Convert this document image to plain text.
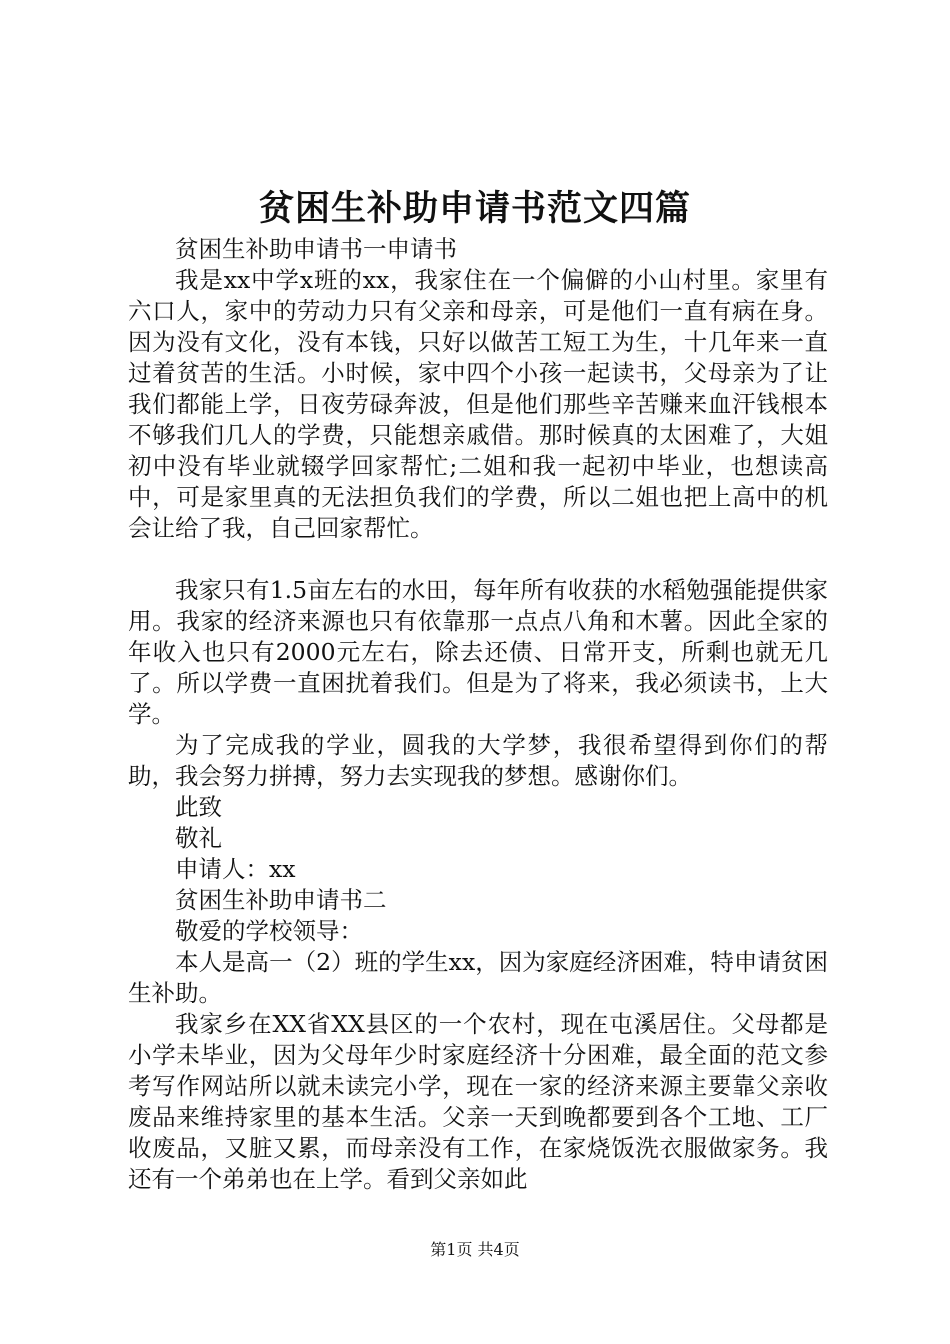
贫困生补助申请书范文四篇

贫困生补助申请书一申请书

我是xx中学x班的xx，我家住在一个偏僻的小山村里。家里有六口人，家中的劳动力只有父亲和母亲，可是他们一直有病在身。因为没有文化，没有本钱，只好以做苦工短工为生，十几年来一直过着贫苦的生活。小时候，家中四个小孩一起读书，父母亲为了让我们都能上学，日夜劳碌奔波，但是他们那些辛苦赚来血汗钱根本不够我们几人的学费，只能想亲戚借。那时候真的太困难了，大姐初中没有毕业就辍学回家帮忙;二姐和我一起初中毕业，也想读高中，可是家里真的无法担负我们的学费，所以二姐也把上高中的机会让给了我，自己回家帮忙。

我家只有1.5亩左右的水田，每年所有收获的水稻勉强能提供家用。我家的经济来源也只有依靠那一点点八角和木薯。因此全家的年收入也只有2000元左右，除去还债、日常开支，所剩也就无几了。所以学费一直困扰着我们。但是为了将来，我必须读书，上大学。

为了完成我的学业，圆我的大学梦，我很希望得到你们的帮助，我会努力拼搏，努力去实现我的梦想。感谢你们。

此致

敬礼

申请人：xx

贫困生补助申请书二

敬爱的学校领导：

本人是高一（2）班的学生xx，因为家庭经济困难，特申请贫困生补助。

我家乡在XX省XX县区的一个农村，现在屯溪居住。父母都是小学未毕业，因为父母年少时家庭经济十分困难，最全面的范文参考写作网站所以就未读完小学，现在一家的经济来源主要靠父亲收废品来维持家里的基本生活。父亲一天到晚都要到各个工地、工厂收废品，又脏又累，而母亲没有工作，在家烧饭洗衣服做家务。我还有一个弟弟也在上学。看到父亲如此

第1页 共4页
